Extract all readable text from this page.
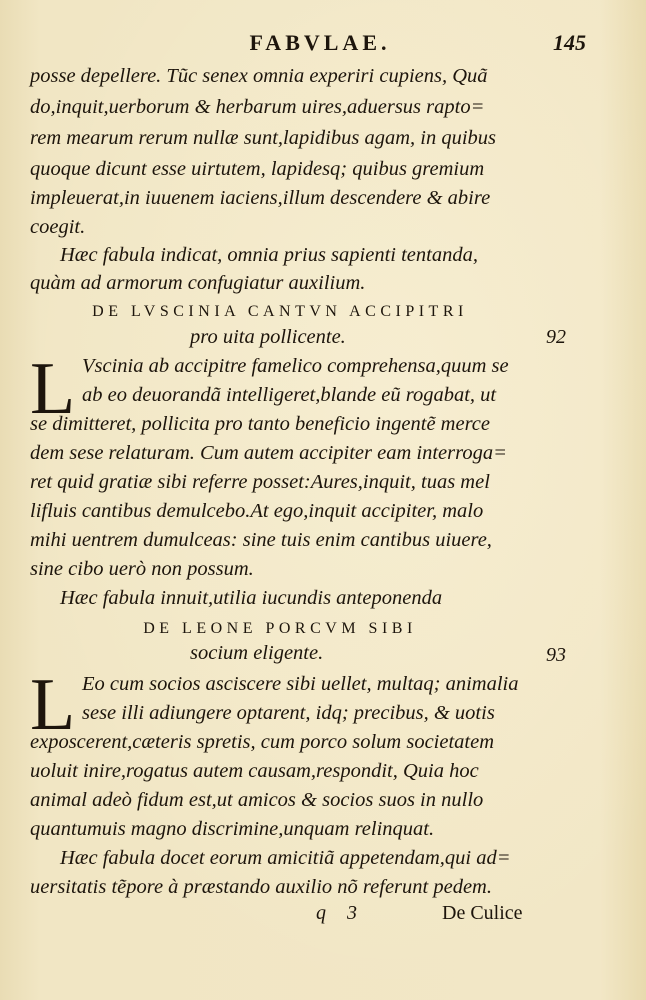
FABVLAE.	145
posse depellere. Tũc senex omnia experiri cupiens, Quã
do,inquit,uerborum & herbarum uires,aduersus rapto=
rem mearum rerum nullæ sunt,lapidibus agam, in quibus
quoque dicunt esse uirtutem, lapidesq; quibus gremium
impleuerat,in iuuenem iaciens,illum descendere & abire
coegit.
Hæc fabula indicat, omnia prius sapienti tentanda,
quàm ad armorum confugiatur auxilium.
DE LVSCINIA CANTVN ACCIPITRI
pro uita pollicente.	92
L Vscinia ab accipitre famelico comprehensa,quum se
ab eo deuorandã intelligeret,blande eũ rogabat, ut
se dimitteret, pollicita pro tanto beneficio ingentẽ merce
dem sese relaturam. Cum autem accipiter eam interroga=
ret quid gratiæ sibi referre posset:Aures,inquit, tuas mel
lifluis cantibus demulcebo.At ego,inquit accipiter, malo
mihi uentrem dumulceas: sine tuis enim cantibus uiuere,
sine cibo uerò non possum.
Hæc fabula innuit,utilia iucundis anteponenda
DE LEONE PORCVM SIBI
socium eligente.	93
L Eo cum socios asciscere sibi uellet, multaq; animalia
sese illi adiungere optarent, idq; precibus, & uotis
exposcerent,cæteris spretis, cum porco solum societatem
uoluit inire,rogatus autem causam,respondit, Quia hoc
animal adeò fidum est,ut amicos & socios suos in nullo
quantumuis magno discrimine,unquam relinquat.
Hæc fabula docet eorum amicitiã appetendam,qui ad=
uersitatis tẽpore à præstando auxilio nõ referunt pedem.
q 3	De Culice
